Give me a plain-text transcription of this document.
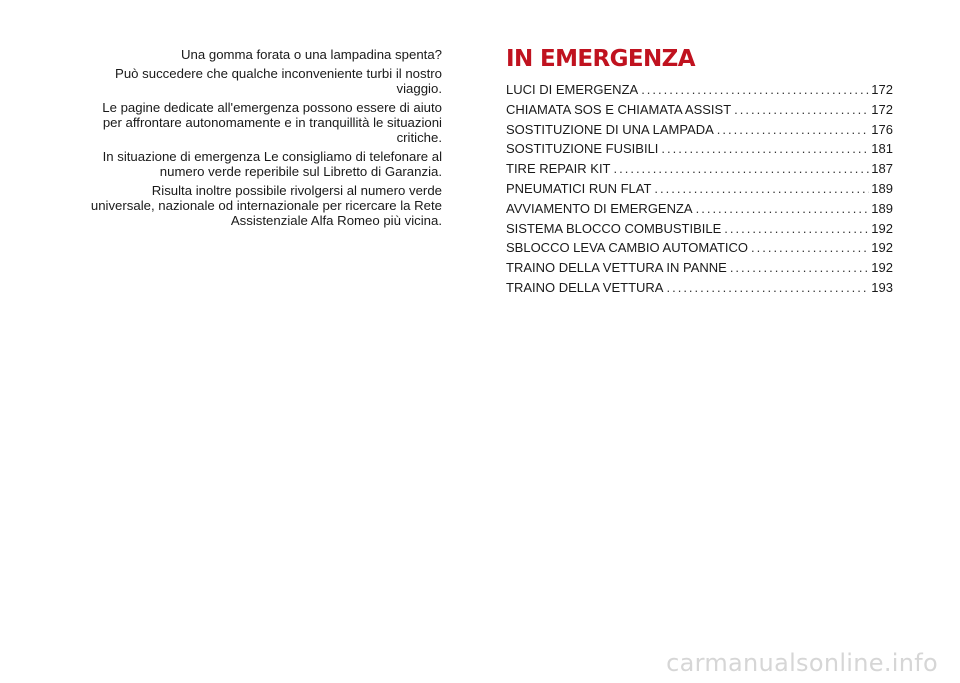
Una gomma forata o una lampadina spenta?

Può succedere che qualche inconveniente turbi il nostro viaggio.

Le pagine dedicate all'emergenza possono essere di aiuto per affrontare autonomamente e in tranquillità le situazioni critiche.

In situazione di emergenza Le consigliamo di telefonare al numero verde reperibile sul Libretto di Garanzia.

Risulta inoltre possibile rivolgersi al numero verde universale, nazionale od internazionale per ricercare la Rete Assistenziale Alfa Romeo più vicina.

IN EMERGENZA
LUCI DI EMERGENZA .....	172
CHIAMATA SOS E CHIAMATA ASSIST .....	172
SOSTITUZIONE DI UNA LAMPADA .....	176
SOSTITUZIONE FUSIBILI .....	181
TIRE REPAIR KIT .....	187
PNEUMATICI RUN FLAT .....	189
AVVIAMENTO DI EMERGENZA .....	189
SISTEMA BLOCCO COMBUSTIBILE .....	192
SBLOCCO LEVA CAMBIO AUTOMATICO .....	192
TRAINO DELLA VETTURA IN PANNE .....	192
TRAINO DELLA VETTURA .....	193
carmanualsonline.info
